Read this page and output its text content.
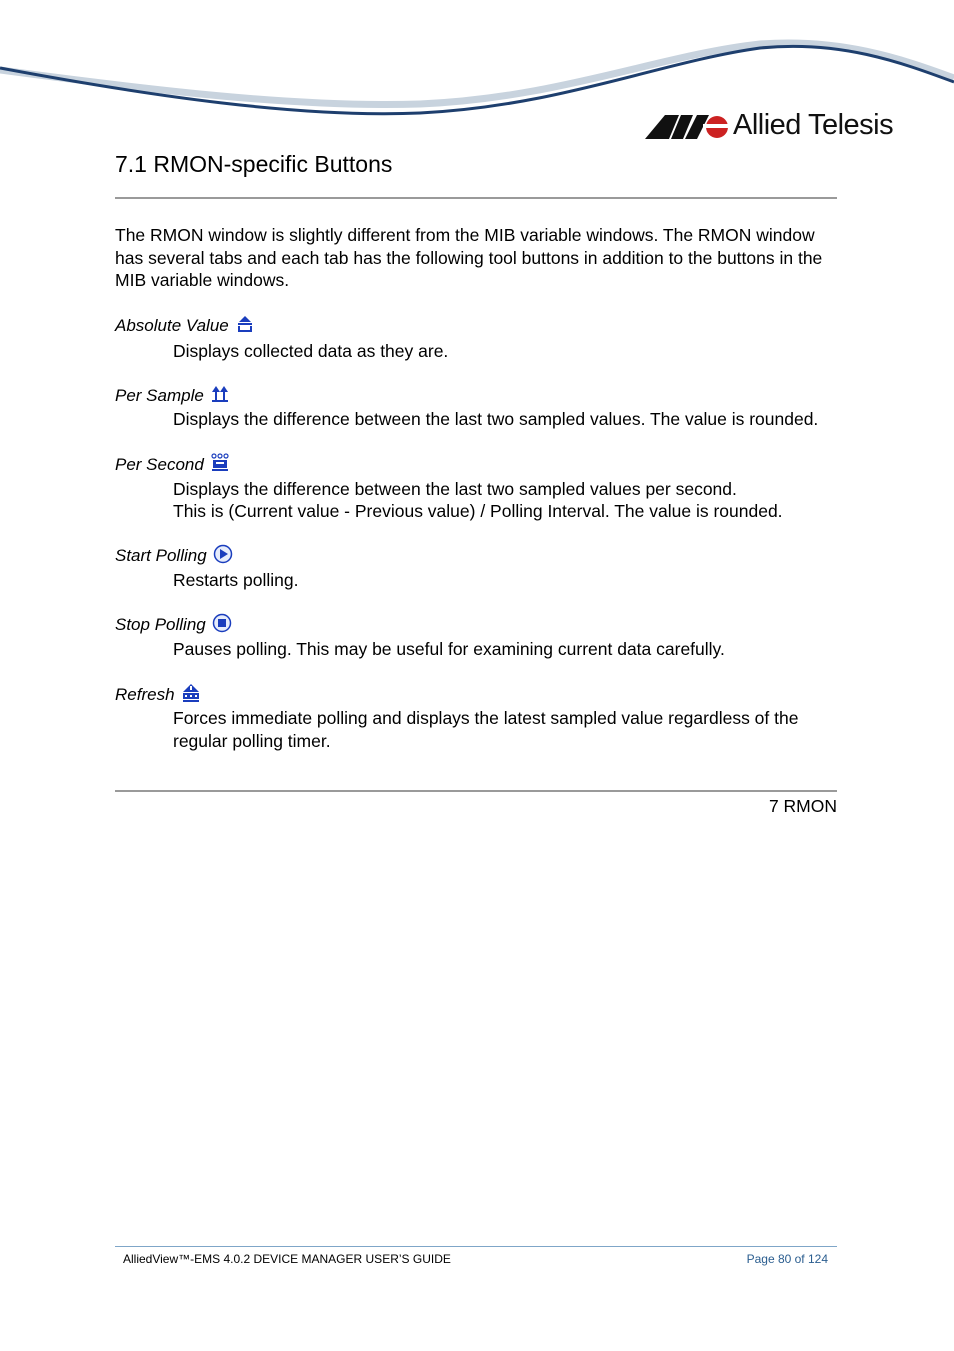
Allied Telesis
7.1 RMON-specific Buttons

The RMON window is slightly different from the MIB variable windows. The RMON window has several tabs and each tab has the following tool buttons in addition to the buttons in the MIB variable windows.

Absolute Value

Displays collected data as they are.

Per Sample

Displays the difference between the last two sampled values. The value is rounded.

Per Second

Displays the difference between the last two sampled values per second.

This is (Current value - Previous value) / Polling Interval. The value is rounded.

Start Polling

Restarts polling.

Stop Polling

Pauses polling. This may be useful for examining current data carefully.

Refresh

Forces immediate polling and displays the latest sampled value regardless of the regular polling timer.

7 RMON
AlliedView™-EMS 4.0.2 DEVICE MANAGER USER’S GUIDE	Page 80 of 124
